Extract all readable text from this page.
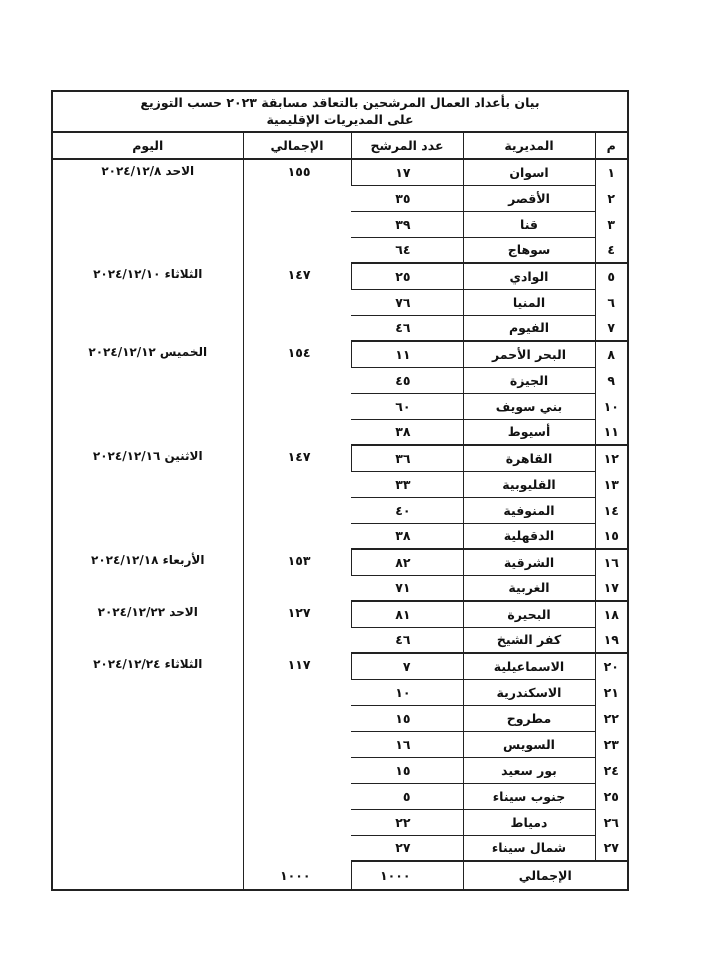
بيان بأعداد العمال المرشحين بالتعاقد مسابقة ٢٠٢٣ حسب التوزيع
على المديريات الإقليمية
م	المديرية	عدد المرشح	الإجمالي	اليوم
١	اسوان	١٧	١٥٥	الاحد ٢٠٢٤/١٢/٨
٢	الأقصر	٣٥		
٣	قنا	٣٩		
٤	سوهاج	٦٤		
٥	الوادي	٢٥	١٤٧	الثلاثاء ٢٠٢٤/١٢/١٠
٦	المنيا	٧٦		
٧	الفيوم	٤٦		
٨	البحر الأحمر	١١	١٥٤	الخميس ٢٠٢٤/١٢/١٢
٩	الجيزة	٤٥		
١٠	بني سويف	٦٠		
١١	أسيوط	٣٨		
١٢	القاهرة	٣٦	١٤٧	الاثنين ٢٠٢٤/١٢/١٦
١٣	القليوبية	٣٣		
١٤	المنوفية	٤٠		
١٥	الدقهلية	٣٨		
١٦	الشرقية	٨٢	١٥٣	الأربعاء ٢٠٢٤/١٢/١٨
١٧	الغربية	٧١		
١٨	البحيرة	٨١	١٢٧	الاحد ٢٠٢٤/١٢/٢٢
١٩	كفر الشيخ	٤٦		
٢٠	الاسماعيلية	٧	١١٧	الثلاثاء ٢٠٢٤/١٢/٢٤
٢١	الاسكندرية	١٠		
٢٢	مطروح	١٥		
٢٣	السويس	١٦		
٢٤	بور سعيد	١٥		
٢٥	جنوب سيناء	٥		
٢٦	دمياط	٢٢		
٢٧	شمال سيناء	٢٧		
الإجمالي		١٠٠٠	١٠٠٠	
